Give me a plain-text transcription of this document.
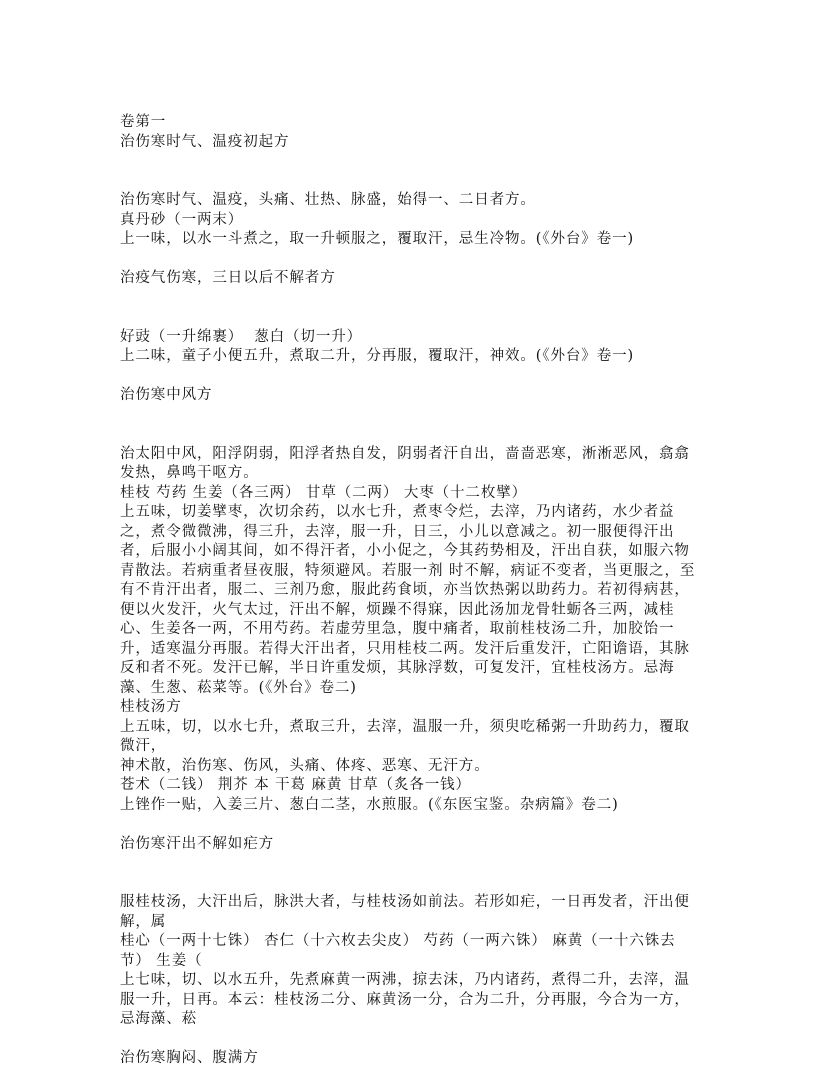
卷第一
治伤寒时气、温疫初起方
治伤寒时气、温疫，头痛、壮热、脉盛，始得一、二日者方。
真丹砂（一两末）
上一味，以水一斗煮之，取一升顿服之，覆取汗，忌生冷物。(《外台》卷一)
治疫气伤寒，三日以后不解者方
好豉（一升绵裹）  葱白（切一升）
上二味，童子小便五升，煮取二升，分再服，覆取汗，神效。(《外台》卷一)
治伤寒中风方
治太阳中风，阳浮阴弱，阳浮者热自发，阴弱者汗自出，啬啬恶寒，淅淅恶风，翕翕发热，鼻鸣干呕方。
桂枝 芍药 生姜（各三两） 甘草（二两） 大枣（十二枚擘）
上五味，切姜擘枣，次切余药，以水七升，煮枣令烂，去滓，乃内诸药，水少者益之，煮令微微沸，得三升，去滓，服一升，日三，小儿以意减之。初一服便得汗出者，后服小小阔其间，如不得汗者，小小促之，今其药势相及，汗出自获，如服六物青散法。若病重者昼夜服，特须避风。若服一剂 时不解，病证不变者，当更服之，至有不肯汗出者，服二、三剂乃愈，服此药食顷，亦当饮热粥以助药力。若初得病甚，便以火发汗，火气太过，汗出不解，烦躁不得寐，因此汤加龙骨牡蛎各三两，减桂心、生姜各一两，不用芍药。若虚劳里急，腹中痛者，取前桂枝汤二升，加胶饴一升，适寒温分再服。若得大汗出者，只用桂枝二两。发汗后重发汗，亡阳谵语，其脉反和者不死。发汗已解，半日许重发烦，其脉浮数，可复发汗，宜桂枝汤方。忌海藻、生葱、菘菜等。(《外台》卷二)
桂枝汤方
上五味，切，以水七升，煮取三升，去滓，温服一升，须臾吃稀粥一升助药力，覆取微汗，
神术散，治伤寒、伤风，头痛、体疼、恶寒、无汗方。
苍术（二钱） 荆芥 本 干葛 麻黄 甘草（炙各一钱）
上锉作一贴，入姜三片、葱白二茎，水煎服。(《东医宝鉴。杂病篇》卷二)
治伤寒汗出不解如疟方
服桂枝汤，大汗出后，脉洪大者，与桂枝汤如前法。若形如疟，一日再发者，汗出便解，属
桂心（一两十七铢） 杏仁（十六枚去尖皮） 芍药（一两六铢） 麻黄（一十六铢去节） 生姜（
上七味，切、以水五升，先煮麻黄一两沸，掠去沫，乃内诸药，煮得二升，去滓，温服一升，日再。本云：桂枝汤二分、麻黄汤一分，合为二升，分再服，今合为一方，忌海藻、菘
治伤寒胸闷、腹满方
